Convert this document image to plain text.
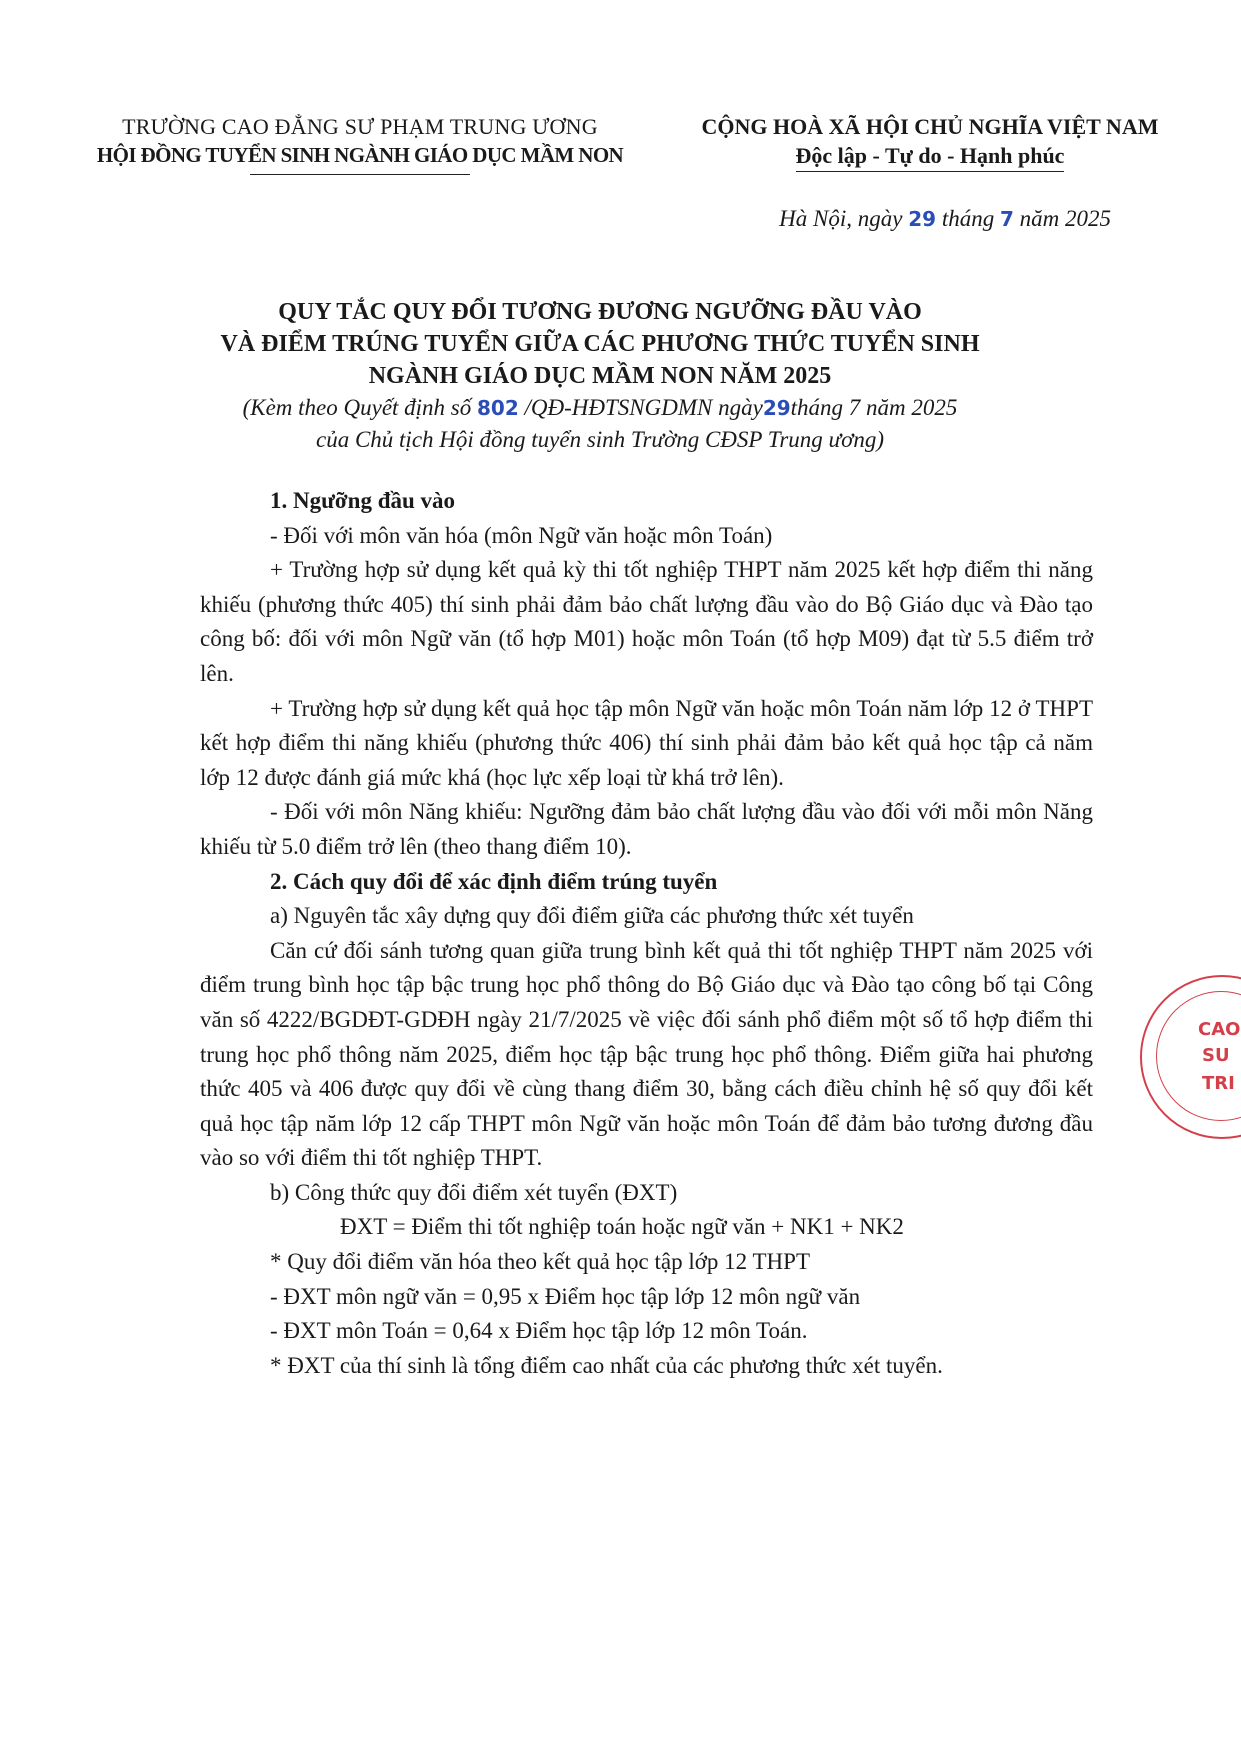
TRƯỜNG CAO ĐẲNG SƯ PHẠM TRUNG ƯƠNG
HỘI ĐỒNG TUYỂN SINH NGÀNH GIÁO DỤC MẦM NON
CỘNG HOÀ XÃ HỘI CHỦ NGHĨA VIỆT NAM
Độc lập - Tự do - Hạnh phúc
Hà Nội, ngày 29 tháng 7 năm 2025
QUY TẮC QUY ĐỔI TƯƠNG ĐƯƠNG NGƯỠNG ĐẦU VÀO
VÀ ĐIỂM TRÚNG TUYỂN GIỮA CÁC PHƯƠNG THỨC TUYỂN SINH
NGÀNH GIÁO DỤC MẦM NON NĂM 2025
(Kèm theo Quyết định số 802 /QĐ-HĐTSNGDMN ngày29tháng 7 năm 2025
của Chủ tịch Hội đồng tuyển sinh Trường CĐSP Trung ương)

1. Ngưỡng đầu vào

- Đối với môn văn hóa (môn Ngữ văn hoặc môn Toán)

+ Trường hợp sử dụng kết quả kỳ thi tốt nghiệp THPT năm 2025 kết hợp điểm thi năng khiếu (phương thức 405) thí sinh phải đảm bảo chất lượng đầu vào do Bộ Giáo dục và Đào tạo công bố: đối với môn Ngữ văn (tổ hợp M01) hoặc môn Toán (tổ hợp M09) đạt từ 5.5 điểm trở lên.

+ Trường hợp sử dụng kết quả học tập môn Ngữ văn hoặc môn Toán năm lớp 12 ở THPT kết hợp điểm thi năng khiếu (phương thức 406) thí sinh phải đảm bảo kết quả học tập cả năm lớp 12 được đánh giá mức khá (học lực xếp loại từ khá trở lên).

- Đối với môn Năng khiếu: Ngưỡng đảm bảo chất lượng đầu vào đối với mỗi môn Năng khiếu từ 5.0 điểm trở lên (theo thang điểm 10).

2. Cách quy đổi để xác định điểm trúng tuyển

a) Nguyên tắc xây dựng quy đổi điểm giữa các phương thức xét tuyển

Căn cứ đối sánh tương quan giữa trung bình kết quả thi tốt nghiệp THPT năm 2025 với điểm trung bình học tập bậc trung học phổ thông do Bộ Giáo dục và Đào tạo công bố tại Công văn số 4222/BGDĐT-GDĐH ngày 21/7/2025 về việc đối sánh phổ điểm một số tổ hợp điểm thi trung học phổ thông năm 2025, điểm học tập bậc trung học phổ thông. Điểm giữa hai phương thức 405 và 406 được quy đổi về cùng thang điểm 30, bằng cách điều chỉnh hệ số quy đổi kết quả học tập năm lớp 12 cấp THPT môn Ngữ văn hoặc môn Toán để đảm bảo tương đương đầu vào so với điểm thi tốt nghiệp THPT.

b) Công thức quy đổi điểm xét tuyển (ĐXT)

ĐXT = Điểm thi tốt nghiệp toán hoặc ngữ văn + NK1 + NK2

* Quy đổi điểm văn hóa theo kết quả học tập lớp 12 THPT

- ĐXT môn ngữ văn = 0,95 x Điểm học tập lớp 12 môn ngữ văn

- ĐXT môn Toán = 0,64 x Điểm học tập lớp 12 môn Toán.

* ĐXT của thí sinh là tổng điểm cao nhất của các phương thức xét tuyển.

CAO
SU
TRI
